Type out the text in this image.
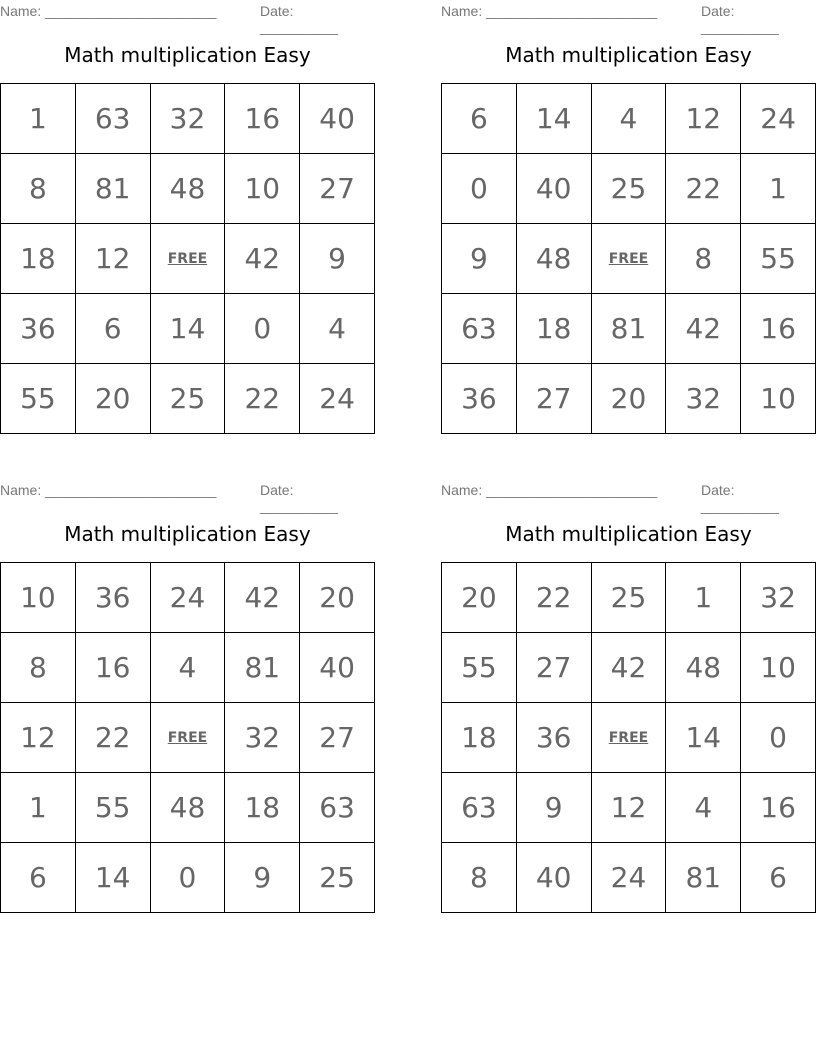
Name: ______________________	Date: __________
Math multiplication Easy
1	63	32	16	40
8	81	48	10	27
18	12	FREE	42	9
36	6	14	0	4
55	20	25	22	24
Name: ______________________	Date: __________
Math multiplication Easy
6	14	4	12	24
0	40	25	22	1
9	48	FREE	8	55
63	18	81	42	16
36	27	20	32	10
Name: ______________________	Date: __________
Math multiplication Easy
10	36	24	42	20
8	16	4	81	40
12	22	FREE	32	27
1	55	48	18	63
6	14	0	9	25
Name: ______________________	Date: __________
Math multiplication Easy
20	22	25	1	32
55	27	42	48	10
18	36	FREE	14	0
63	9	12	4	16
8	40	24	81	6
